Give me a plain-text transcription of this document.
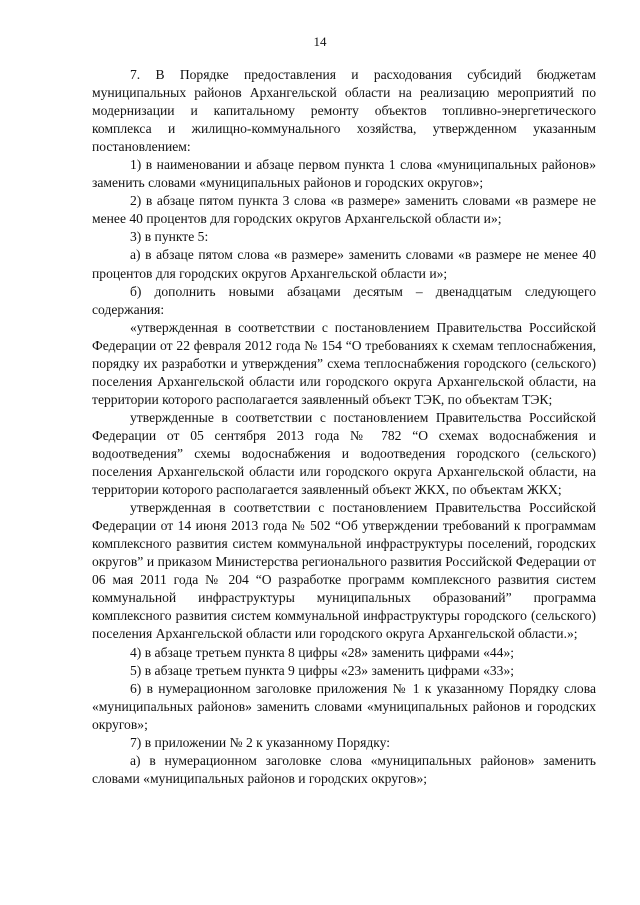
14

7. В Порядке предоставления и расходования субсидий бюджетам муниципальных районов Архангельской области на реализацию мероприятий по модернизации и капитальному ремонту объектов топливно-энергетического комплекса и жилищно-коммунального хозяйства, утвержденном указанным постановлением:

1) в наименовании и абзаце первом пункта 1 слова «муниципальных районов» заменить словами «муниципальных районов и городских округов»;

2) в абзаце пятом пункта 3 слова «в размере» заменить словами «в размере не менее 40 процентов для городских округов Архангельской области и»;

3) в пункте 5:

а) в абзаце пятом слова «в размере» заменить словами «в размере не менее 40 процентов для городских округов Архангельской области и»;

б) дополнить новыми абзацами десятым – двенадцатым следующего содержания:

«утвержденная в соответствии с постановлением Правительства Российской Федерации от 22 февраля 2012 года № 154 “О требованиях к схемам теплоснабжения, порядку их разработки и утверждения” схема теплоснабжения городского (сельского) поселения Архангельской области или городского округа Архангельской области, на территории которого располагается заявленный объект ТЭК, по объектам ТЭК;

утвержденные в соответствии с постановлением Правительства Российской Федерации от 05 сентября 2013 года № 782 “О схемах водоснабжения и водоотведения” схемы водоснабжения и водоотведения городского (сельского) поселения Архангельской области или городского округа Архангельской области, на территории которого располагается заявленный объект ЖКХ, по объектам ЖКХ;

утвержденная в соответствии с постановлением Правительства Российской Федерации от 14 июня 2013 года № 502 “Об утверждении требований к программам комплексного развития систем коммунальной инфраструктуры поселений, городских округов” и приказом Министерства регионального развития Российской Федерации от 06 мая 2011 года № 204 “О разработке программ комплексного развития систем коммунальной инфраструктуры муниципальных образований” программа комплексного развития систем коммунальной инфраструктуры городского (сельского) поселения Архангельской области или городского округа Архангельской области.»;

4) в абзаце третьем пункта 8 цифры «28» заменить цифрами «44»;

5) в абзаце третьем пункта 9 цифры «23» заменить цифрами «33»;

6) в нумерационном заголовке приложения № 1 к указанному Порядку слова «муниципальных районов» заменить словами «муниципальных районов и городских округов»;

7) в приложении № 2 к указанному Порядку:

а) в нумерационном заголовке слова «муниципальных районов» заменить словами «муниципальных районов и городских округов»;
